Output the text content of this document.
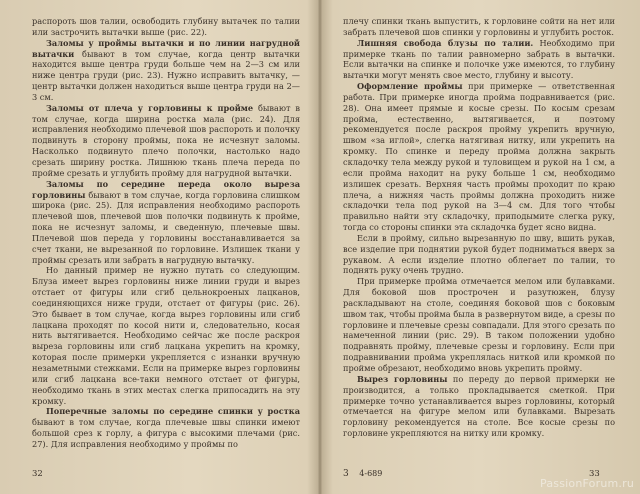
распороть шов талии, освободить глубину вытачек по талии или застрочить вытачки выше (рис. 22).

Заломы у проймы вытачки и по линии нагрудной вытачки бывают в том случае, когда центр вытачки находится выше центра груди больше чем на 2—3 см или ниже центра груди (рис. 23). Нужно исправить вытачку, — центр вытачки должен находиться выше центра груди на 2—3 см.

Заломы от плеча у горловины к пройме бывают в том случае, когда ширина ростка мала (рис. 24). Для исправления необходимо плечевой шов распороть и полочку подвинуть в сторону проймы, пока не исчезнут заломы. Насколько подвинуто плечо полочки, настолько надо срезать ширину ростка. Лишнюю ткань плеча переда по пройме срезать и углубить пройму для нагрудной вытачки.

Заломы по середине переда около выреза горловины бывают в том случае, когда горловина слишком широка (рис. 25). Для исправления необходимо распороть плечевой шов, плечевой шов полочки подвинуть к пройме, пока не исчезнут заломы, и сведенную, плечевые швы. Плечевой шов переда у горловины восстанавливается за счет ткани, не вырезанной по горловине. Излишек ткани у проймы срезать или забрать в нагрудную вытачку.

Но данный пример не нужно путать со следующим. Блуза имеет вырез горловины ниже линии груди и вырез отстает от фигуры или сгиб цельнокроеных лацканов, соединяющихся ниже груди, отстает от фигуры (рис. 26). Это бывает в том случае, когда вырез горловины или сгиб лацкана проходят по косой нити и, следовательно, косая нить вытягивается. Необходимо сейчас же после раскроя выреза горловины или сгиб лацкана укрепить на кромку, которая после примерки укрепляется с изнанки вручную незаметными стежками. Если на примерке вырез горловины или сгиб лацкана все-таки немного отстает от фигуры, необходимо ткань в этих местах слегка припосадить на эту кромку.

Поперечные заломы по середине спинки у ростка бывают в том случае, когда плечевые швы спинки имеют большой срез к горлу, а фигура с высокими плечами (рис. 27). Для исправления необходимо у проймы по

32

плечу спинки ткань выпустить, к горловине сойти на нет или забрать плечевой шов спинки у горловины и углубить росток.

Лишняя свобода блузы по талии. Необходимо при примерке ткань по талии равномерно забрать в вытачки. Если вытачки на спинке и полочке уже имеются, то глубину вытачки могут менять свое место, глубину и высоту.

Оформление проймы при примерке — ответственная работа. При примерке иногда пройма подравнивается (рис. 28). Она имеет прямые и косые срезы. По косым срезам пройма, естественно, вытягивается, и поэтому рекомендуется после раскроя пройму укрепить вручную, швом «за иглой», слегка натягивая нитку, или укрепить на кромку. По спинке и переду пройма должна закрыть складочку тела между рукой и туловищем и рукой на 1 см, а если пройма находит на руку больше 1 см, необходимо излишек срезать. Верхняя часть проймы проходит по краю плеча, а нижняя часть проймы должна проходить ниже складочки тела под рукой на 3—4 см. Для того чтобы правильно найти эту складочку, приподымите слегка руку, тогда со стороны спинки эта складочка будет ясно видна.

Если в пройму, сильно вырезанную по шву, вшить рукав, все изделие при поднятии рукой будет подниматься вверх за рукавом. А если изделие плотно облегает по талии, то поднять руку очень трудно.

При примерке пройма отмечается мелом или булавками. Для боковой шов прострочен и разутюжен, блузу раскладывают на столе, соединяя боковой шов с боковым швом так, чтобы пройма была в развернутом виде, а срезы по горловине и плечевые срезы совпадали. Для этого срезать по намеченной линии (рис. 29). В таком положении удобно подравнять пройму, плечевые срезы и горловину. Если при подравнивании пройма укреплялась ниткой или кромкой по пройме обрезают, необходимо вновь укрепить пройму.

Вырез горловины по переду до первой примерки не производится, а только прокладывается сметкой. При примерке точно устанавливается вырез горловины, который отмечается на фигуре мелом или булавками. Вырезать горловину рекомендуется на столе. Все косые срезы по горловине укрепляются на нитку или кромку.

3 4-689	33
PassionForum.ru
